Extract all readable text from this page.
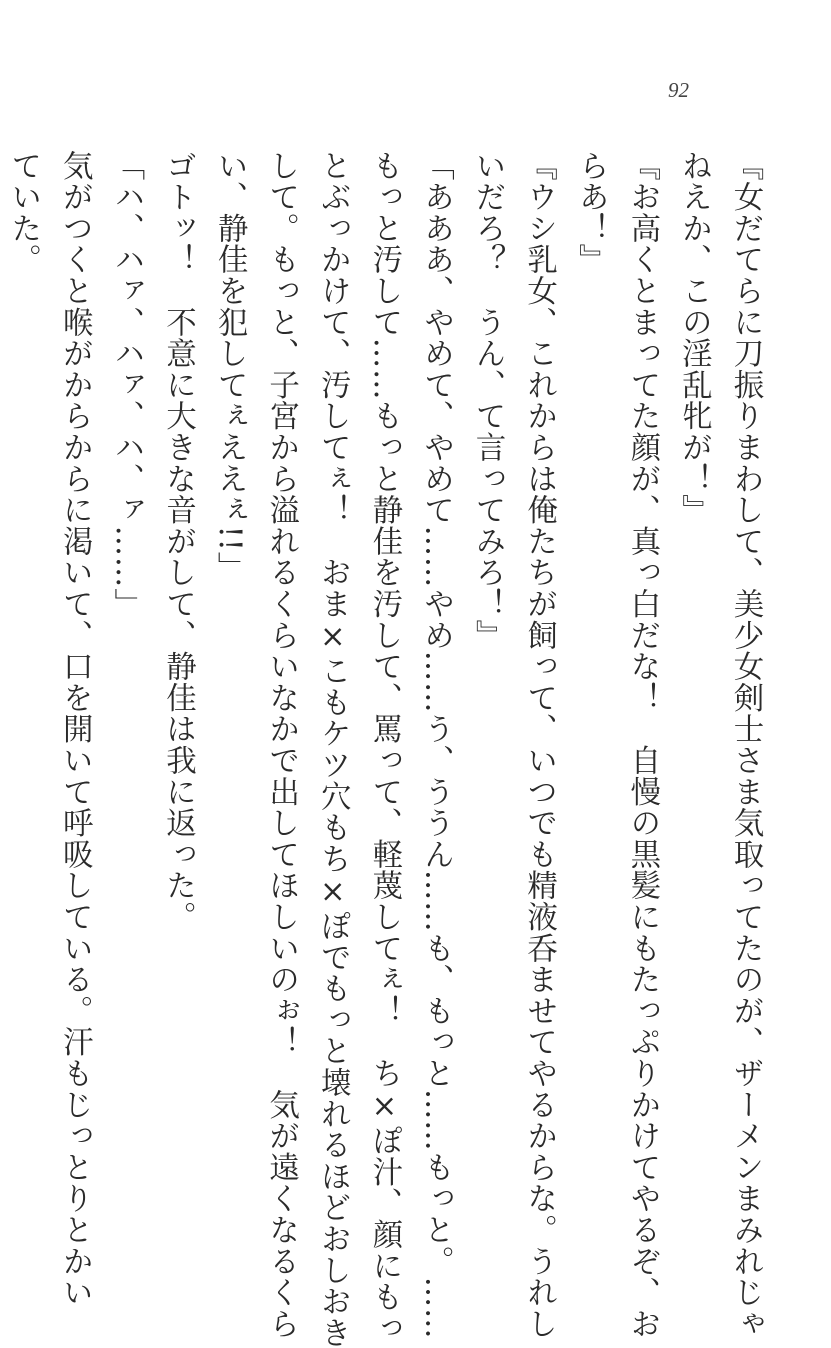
92
『女だてらに刀振りまわして、美少女剣士さま気取ってたのが、ザーメンまみれじゃ
ねえか、この淫乱牝が！』
『お高くとまってた顔が、真っ白だな！　自慢の黒髪にもたっぷりかけてやるぞ、お
らあ！』
『ウシ乳女、これからは俺たちが飼って、いつでも精液呑ませてやるからな。うれし
いだろ？　うん、て言ってみろ！』
「あああ、やめて、やめて……やめ……う、ううん……も、もっと……もっと。……
もっと汚して……もっと静佳を汚して、罵って、軽蔑してぇ！　ち×ぽ汁、顔にもっ
とぶっかけて、汚してぇ！　おま×こもケツ穴もち×ぽでもっと壊れるほどおしおき
して。もっと、子宮から溢れるくらいなかで出してほしいのぉ！　気が遠くなるくら
い、静佳を犯してぇええぇ!!」
ゴトッ！　不意に大きな音がして、静佳は我に返った。
「ハ、ハァ、ハァ、ハ、ァ……」
気がつくと喉がからからに渇いて、口を開いて呼吸している。汗もじっとりとかい
ていた。
